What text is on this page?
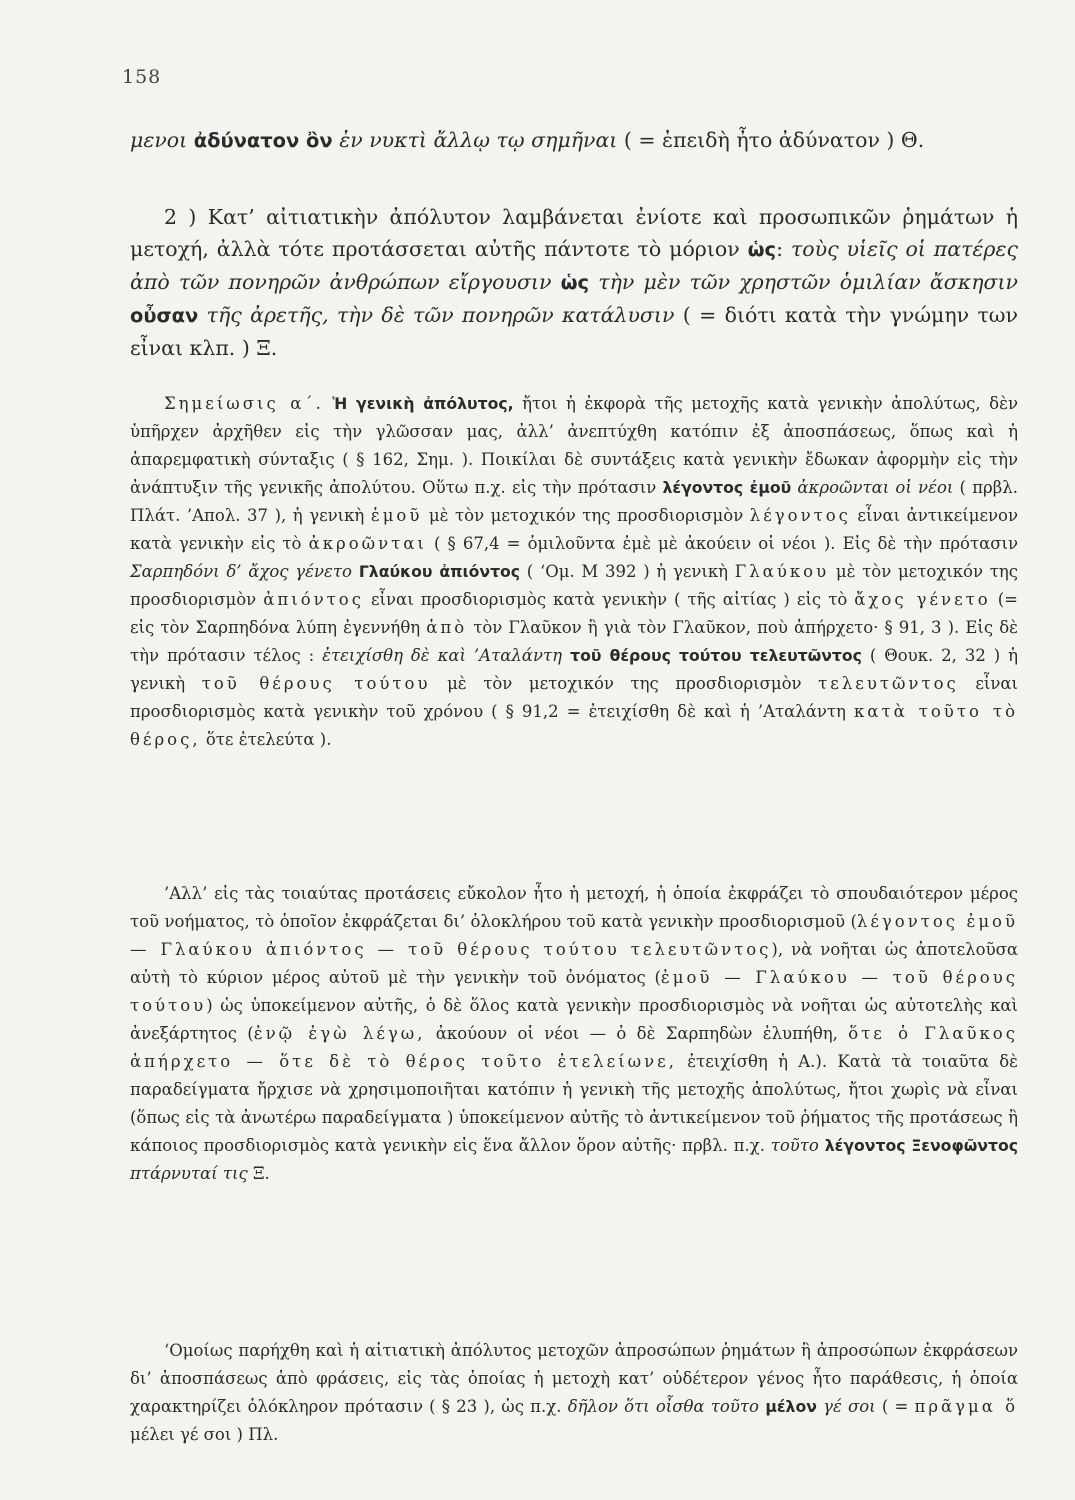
158

μενοι ἀδύνατον ὂν ἐν νυκτὶ ἄλλῳ τῳ σημῆναι ( = ἐπειδὴ ἦτο ἀδύνατον ) Θ.

2 ) Κατ’ αἰτιατικὴν ἀπόλυτον λαμβάνεται ἐνίοτε καὶ προσωπικῶν ῥημάτων ἡ μετοχή, ἀλλὰ τότε προτάσσεται αὐτῆς πάντοτε τὸ μόριον ὡς: τοὺς υἱεῖς οἱ πατέρες ἀπὸ τῶν πονηρῶν ἀνθρώπων εἴργουσιν ὡς τὴν μὲν τῶν χρηστῶν ὁμιλίαν ἄσκησιν οὖσαν τῆς ἀρετῆς, τὴν δὲ τῶν πονηρῶν κατάλυσιν ( = διότι κατὰ τὴν γνώμην των εἶναι κλπ. ) Ξ.

Σημείωσις α΄. Ἡ γενικὴ ἀπόλυτος, ἤτοι ἡ ἐκφορὰ τῆς μετοχῆς κατὰ γενικὴν ἀπολύτως, δὲν ὑπῆρχεν ἀρχῆθεν εἰς τὴν γλῶσσαν μας, ἀλλ’ ἀνεπτύχθη κατόπιν ἐξ ἀποσπάσεως, ὅπως καὶ ἡ ἀπαρεμφατικὴ σύνταξις ( § 162, Σημ. ). Ποικίλαι δὲ συντάξεις κατὰ γενικὴν ἔδωκαν ἀφορμὴν εἰς τὴν ἀνάπτυξιν τῆς γενικῆς ἀπολύτου. Οὕτω π.χ. εἰς τὴν πρότασιν λέγοντος ἐμοῦ ἀκροῶνται οἱ νέοι ( πρβλ. Πλάτ. ’Απολ. 37 ), ἡ γενικὴ ἐμοῦ μὲ τὸν μετοχικόν της προσδιορισμὸν λέγοντος εἶναι ἀντικείμενον κατὰ γενικὴν εἰς τὸ ἀκροῶνται ( § 67,4 = ὁμιλοῦντα ἐμὲ μὲ ἀκούειν οἱ νέοι ). Εἰς δὲ τὴν πρότασιν Σαρπηδόνι δ’ ἄχος γένετο Γλαύκου ἀπιόντος ( ‘Ομ. Μ 392 ) ἡ γενικὴ Γλαύκου μὲ τὸν μετοχικόν της προσδιορισμὸν ἀπιόντος εἶναι προσδιορισμὸς κατὰ γενικὴν ( τῆς αἰτίας ) εἰς τὸ ἄχος γένετο (= εἰς τὸν Σαρπηδόνα λύπη ἐγεννήθη ἀπὸ τὸν Γλαῦκον ἢ γιὰ τὸν Γλαῦκον, ποὺ ἀπήρχετο· § 91, 3 ). Εἰς δὲ τὴν πρότασιν τέλος : ἐτειχίσθη δὲ καὶ ’Αταλάντη τοῦ θέρους τούτου τελευτῶντος ( Θουκ. 2, 32 ) ἡ γενικὴ τοῦ θέρους τούτου μὲ τὸν μετοχικόν της προσδιορισμὸν τελευτῶντος εἶναι προσδιορισμὸς κατὰ γενικὴν τοῦ χρόνου ( § 91,2 = ἐτειχίσθη δὲ καὶ ἡ ’Αταλάντη κατὰ τοῦτο τὸ θέρος, ὅτε ἐτελεύτα ).

’Αλλ’ εἰς τὰς τοιαύτας προτάσεις εὔκολον ἦτο ἡ μετοχή, ἡ ὁποία ἐκφράζει τὸ σπουδαιότερον μέρος τοῦ νοήματος, τὸ ὁποῖον ἐκφράζεται δι’ ὁλοκλήρου τοῦ κατὰ γενικὴν προσδιορισμοῦ (λέγοντος ἐμοῦ — Γλαύκου ἀπιόντος — τοῦ θέρους τούτου τελευτῶντος), νὰ νοῆται ὡς ἀποτελοῦσα αὐτὴ τὸ κύριον μέρος αὐτοῦ μὲ τὴν γενικὴν τοῦ ὀνόματος (ἐμοῦ — Γλαύκου — τοῦ θέρους τούτου) ὡς ὑποκείμενον αὐτῆς, ὁ δὲ ὅλος κατὰ γενικὴν προσδιορισμὸς νὰ νοῆται ὡς αὐτοτελὴς καὶ ἀνεξάρτητος (ἐνῷ ἐγὼ λέγω, ἀκούουν οἱ νέοι — ὁ δὲ Σαρπηδὼν ἐλυπήθη, ὅτε ὁ Γλαῦκος ἀπήρχετο — ὅτε δὲ τὸ θέρος τοῦτο ἐτελείωνε, ἐτειχίσθη ἡ Α.). Κατὰ τὰ τοιαῦτα δὲ παραδείγματα ἤρχισε νὰ χρησιμοποιῆται κατόπιν ἡ γενικὴ τῆς μετοχῆς ἀπολύτως, ἤτοι χωρὶς νὰ εἶναι (ὅπως εἰς τὰ ἀνωτέρω παραδείγματα ) ὑποκείμενον αὐτῆς τὸ ἀντικείμενον τοῦ ῥήματος τῆς προτάσεως ἢ κάποιος προσδιορισμὸς κατὰ γενικὴν εἰς ἕνα ἄλλον ὅρον αὐτῆς· πρβλ. π.χ. τοῦτο λέγοντος Ξενοφῶντος πτάρνυταί τις Ξ.

‘Ομοίως παρήχθη καὶ ἡ αἰτιατικὴ ἀπόλυτος μετοχῶν ἀπροσώπων ῥημάτων ἢ ἀπροσώπων ἐκφράσεων δι’ ἀποσπάσεως ἀπὸ φράσεις, εἰς τὰς ὁποίας ἡ μετοχὴ κατ’ οὐδέτερον γένος ἦτο παράθεσις, ἡ ὁποία χαρακτηρίζει ὁλόκληρον πρότασιν ( § 23 ), ὡς π.χ. δῆλον ὅτι οἶσθα τοῦτο μέλον γέ σοι ( = πρᾶγμα ὅ μέλει γέ σοι ) Πλ.
